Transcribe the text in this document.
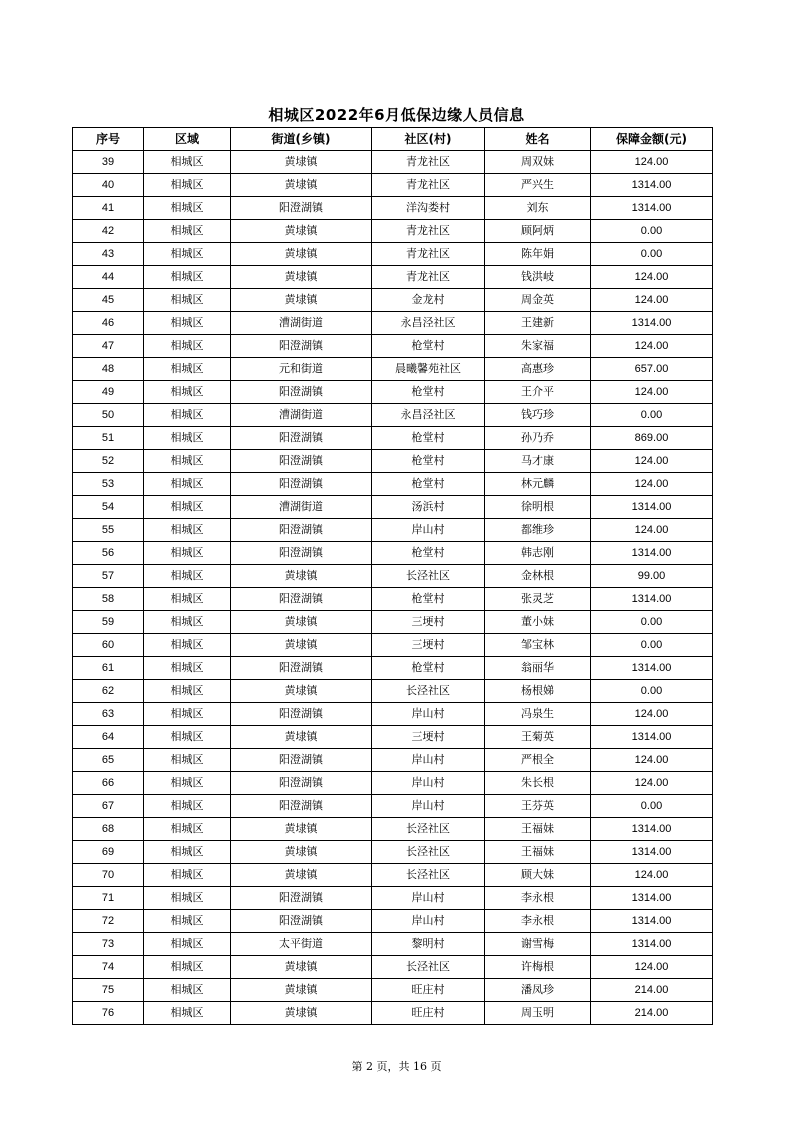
相城区2022年6月低保边缘人员信息
序号	区域	街道(乡镇)	社区(村)	姓名	保障金额(元)
39	相城区	黄埭镇	青龙社区	周双妹	124.00
40	相城区	黄埭镇	青龙社区	严兴生	1314.00
41	相城区	阳澄湖镇	洋沟娄村	刘东	1314.00
42	相城区	黄埭镇	青龙社区	顾阿炳	0.00
43	相城区	黄埭镇	青龙社区	陈年娟	0.00
44	相城区	黄埭镇	青龙社区	钱洪岐	124.00
45	相城区	黄埭镇	金龙村	周金英	124.00
46	相城区	漕湖街道	永昌泾社区	王建新	1314.00
47	相城区	阳澄湖镇	枪堂村	朱家福	124.00
48	相城区	元和街道	晨曦馨苑社区	高惠珍	657.00
49	相城区	阳澄湖镇	枪堂村	王介平	124.00
50	相城区	漕湖街道	永昌泾社区	钱巧珍	0.00
51	相城区	阳澄湖镇	枪堂村	孙乃乔	869.00
52	相城区	阳澄湖镇	枪堂村	马才康	124.00
53	相城区	阳澄湖镇	枪堂村	林元麟	124.00
54	相城区	漕湖街道	汤浜村	徐明根	1314.00
55	相城区	阳澄湖镇	岸山村	都维珍	124.00
56	相城区	阳澄湖镇	枪堂村	韩志刚	1314.00
57	相城区	黄埭镇	长泾社区	金林根	99.00
58	相城区	阳澄湖镇	枪堂村	张灵芝	1314.00
59	相城区	黄埭镇	三埂村	董小妹	0.00
60	相城区	黄埭镇	三埂村	邹宝林	0.00
61	相城区	阳澄湖镇	枪堂村	翁丽华	1314.00
62	相城区	黄埭镇	长泾社区	杨根娣	0.00
63	相城区	阳澄湖镇	岸山村	冯泉生	124.00
64	相城区	黄埭镇	三埂村	王菊英	1314.00
65	相城区	阳澄湖镇	岸山村	严根全	124.00
66	相城区	阳澄湖镇	岸山村	朱长根	124.00
67	相城区	阳澄湖镇	岸山村	王芬英	0.00
68	相城区	黄埭镇	长泾社区	王福妹	1314.00
69	相城区	黄埭镇	长泾社区	王福妹	1314.00
70	相城区	黄埭镇	长泾社区	顾大妹	124.00
71	相城区	阳澄湖镇	岸山村	李永根	1314.00
72	相城区	阳澄湖镇	岸山村	李永根	1314.00
73	相城区	太平街道	黎明村	谢雪梅	1314.00
74	相城区	黄埭镇	长泾社区	许梅根	124.00
75	相城区	黄埭镇	旺庄村	潘凤珍	214.00
76	相城区	黄埭镇	旺庄村	周玉明	214.00
第 2 页，共 16 页
